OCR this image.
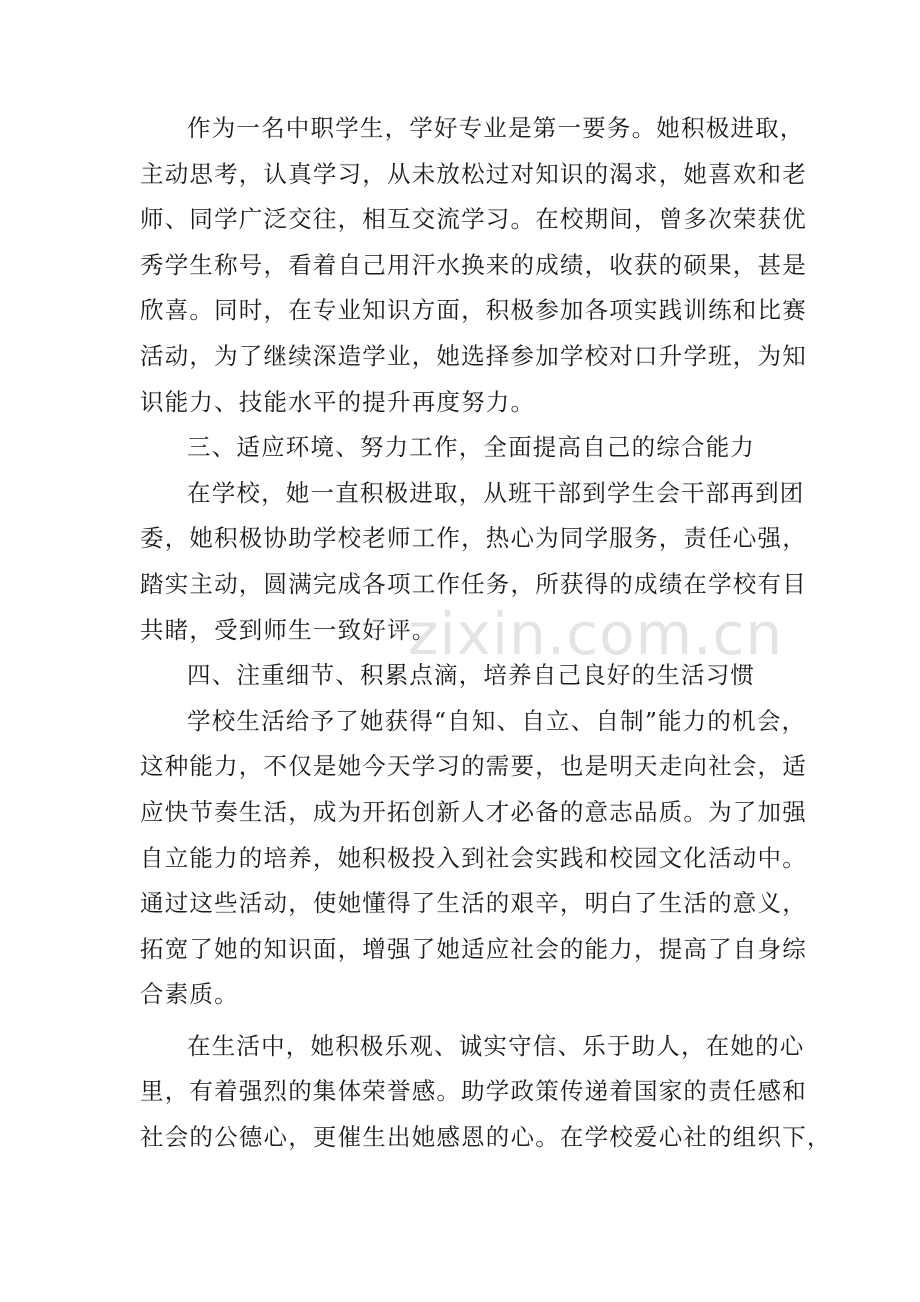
作为一名中职学生，学好专业是第一要务。她积极进取，
主动思考，认真学习，从未放松过对知识的渴求，她喜欢和老
师、同学广泛交往，相互交流学习。在校期间，曾多次荣获优
秀学生称号，看着自己用汗水换来的成绩，收获的硕果，甚是
欣喜。同时，在专业知识方面，积极参加各项实践训练和比赛
活动，为了继续深造学业，她选择参加学校对口升学班，为知
识能力、技能水平的提升再度努力。
三、适应环境、努力工作，全面提高自己的综合能力
在学校，她一直积极进取，从班干部到学生会干部再到团
委，她积极协助学校老师工作，热心为同学服务，责任心强，
踏实主动，圆满完成各项工作任务，所获得的成绩在学校有目
共睹，受到师生一致好评。
四、注重细节、积累点滴，培养自己良好的生活习惯
学校生活给予了她获得“自知、自立、自制”能力的机会，
这种能力，不仅是她今天学习的需要，也是明天走向社会，适
应快节奏生活，成为开拓创新人才必备的意志品质。为了加强
自立能力的培养，她积极投入到社会实践和校园文化活动中。
通过这些活动，使她懂得了生活的艰辛，明白了生活的意义，
拓宽了她的知识面，增强了她适应社会的能力，提高了自身综
合素质。
在生活中，她积极乐观、诚实守信、乐于助人，在她的心
里，有着强烈的集体荣誉感。助学政策传递着国家的责任感和
社会的公德心，更催生出她感恩的心。在学校爱心社的组织下，
zixin.com.cn
